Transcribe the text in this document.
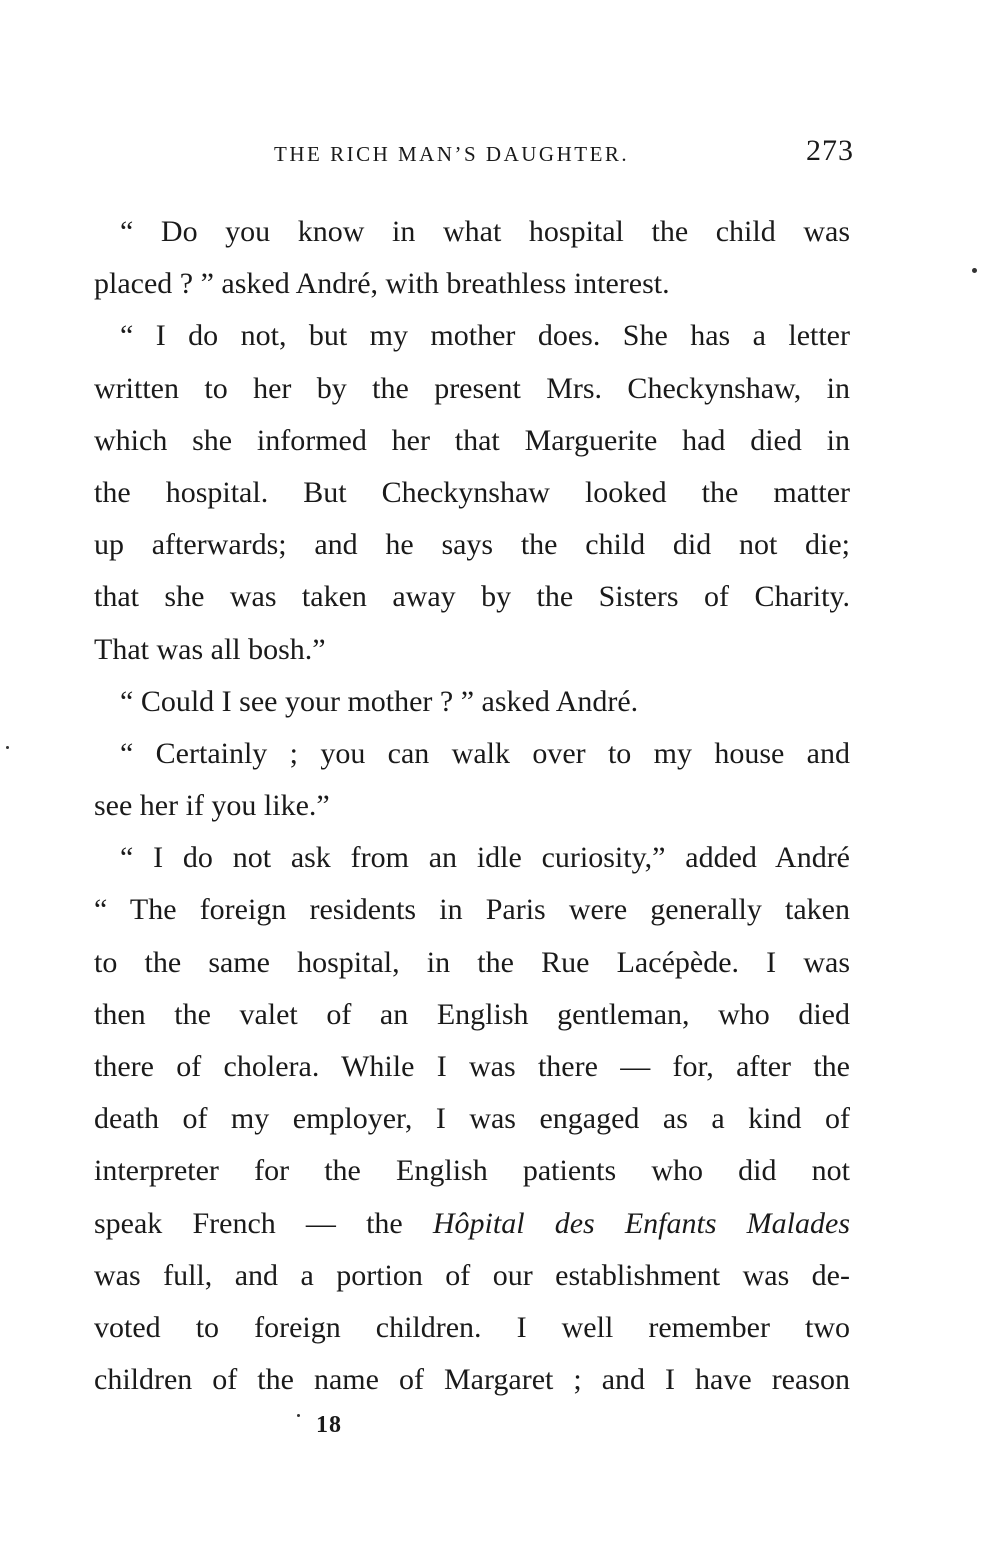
THE RICH MAN’S DAUGHTER.	273
“ Do you know in what hospital the child was
placed ? ” asked André, with breathless interest.
“ I do not, but my mother does. She has a letter
written to her by the present Mrs. Checkynshaw, in
which she informed her that Marguerite had died in
the hospital. But Checkynshaw looked the matter
up afterwards; and he says the child did not die;
that she was taken away by the Sisters of Charity.
That was all bosh.”
“ Could I see your mother ? ” asked André.
“ Certainly ; you can walk over to my house and
see her if you like.”
“ I do not ask from an idle curiosity,” added André
“ The foreign residents in Paris were generally taken
to the same hospital, in the Rue Lacépède. I was
then the valet of an English gentleman, who died
there of cholera. While I was there — for, after the
death of my employer, I was engaged as a kind of
interpreter for the English patients who did not
speak French — the Hôpital des Enfants Malades
was full, and a portion of our establishment was de-
voted to foreign children. I well remember two
children of the name of Margaret ; and I have reason
18
